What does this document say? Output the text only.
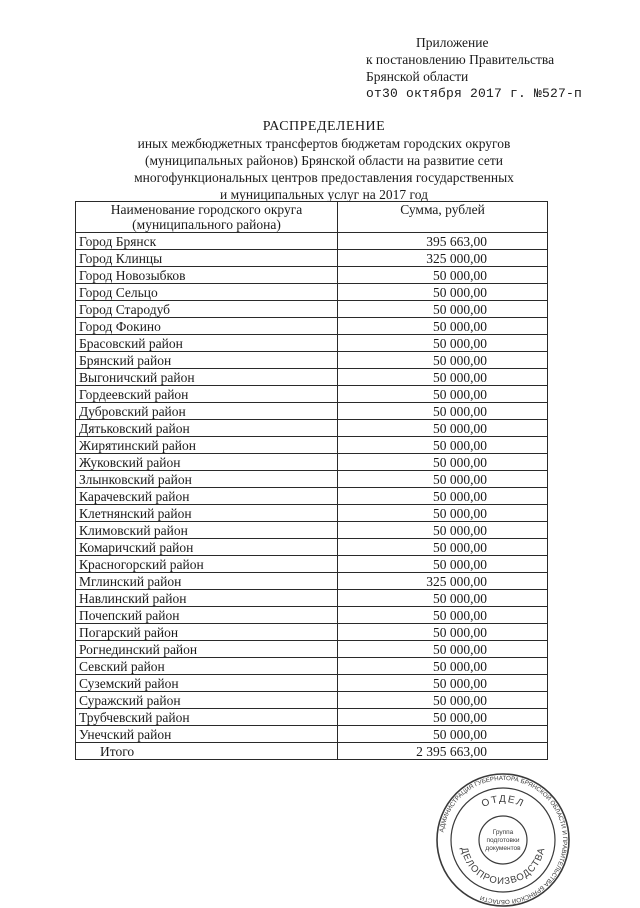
Приложение
к постановлению Правительства
Брянской области
от30 октября 2017 г. №527-п
РАСПРЕДЕЛЕНИЕ
иных межбюджетных трансфертов бюджетам городских округов
(муниципальных районов) Брянской области на развитие сети
многофункциональных центров предоставления государственных
и муниципальных услуг на 2017 год
Наименование городского округа (муниципального района)	Сумма, рублей
Город Брянск	395 663,00
Город Клинцы	325 000,00
Город Новозыбков	50 000,00
Город Сельцо	50 000,00
Город Стародуб	50 000,00
Город Фокино	50 000,00
Брасовский район	50 000,00
Брянский район	50 000,00
Выгоничский район	50 000,00
Гордеевский район	50 000,00
Дубровский район	50 000,00
Дятьковский район	50 000,00
Жирятинский район	50 000,00
Жуковский район	50 000,00
Злынковский район	50 000,00
Карачевский район	50 000,00
Клетнянский район	50 000,00
Климовский район	50 000,00
Комаричский район	50 000,00
Красногорский район	50 000,00
Мглинский район	325 000,00
Навлинский район	50 000,00
Почепский район	50 000,00
Погарский район	50 000,00
Рогнединский район	50 000,00
Севский район	50 000,00
Суземский район	50 000,00
Суражский район	50 000,00
Трубчевский район	50 000,00
Унечский район	50 000,00
Итого	2 395 663,00
АДМИНИСТРАЦИЯ ГУБЕРНАТОРА БРЯНСКОЙ ОБЛАСТИ И ПРАВИТЕЛЬСТВА БРЯНСКОЙ ОБЛАСТИ
ОТДЕЛ
ДЕЛОПРОИЗВОДСТВА
Группа
подготовки
документов
